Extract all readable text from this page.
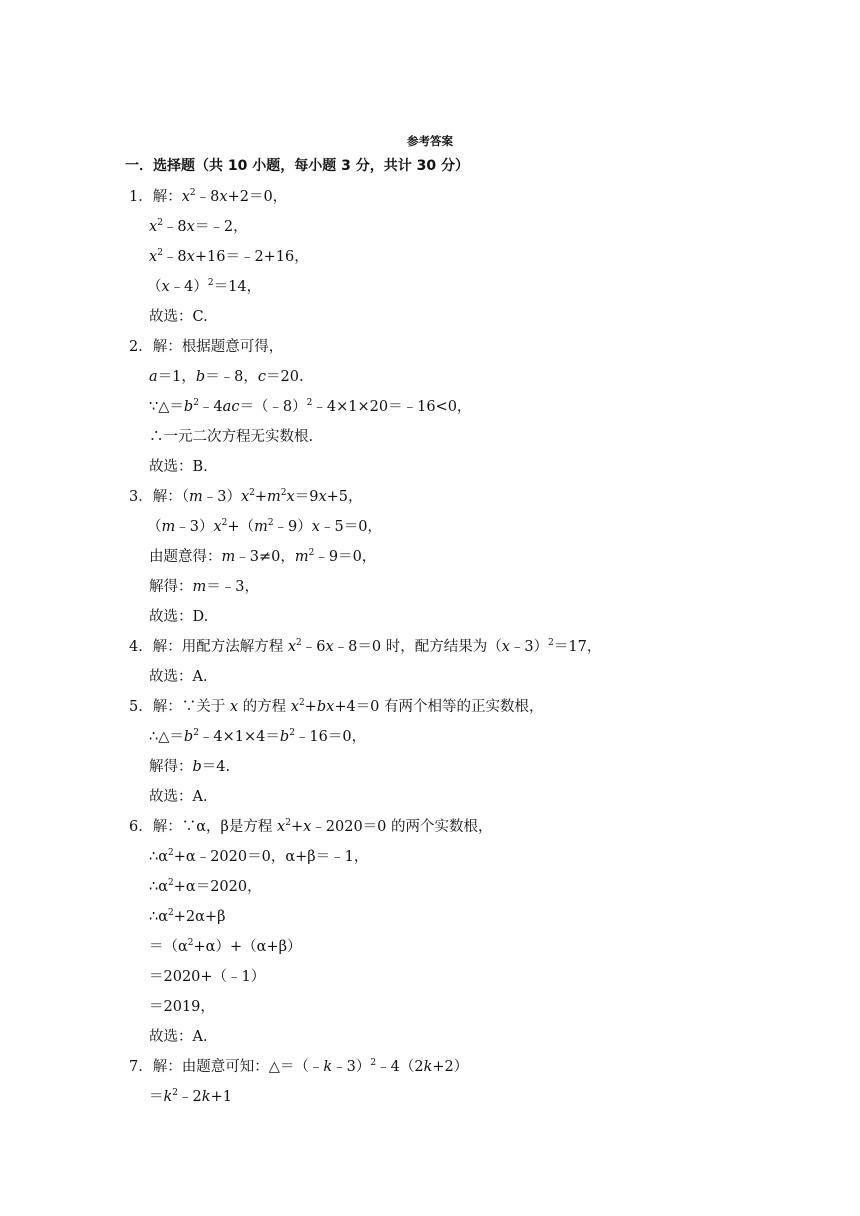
参考答案
一．选择题（共 10 小题，每小题 3 分，共计 30 分）
1．解：$x^2﹣8x+2=0$，
$x^2﹣8x=﹣2$，
$x^2﹣8x+16=﹣2+16$，
（x﹣4）$^2$＝14，
故选：C.
2．解：根据题意可得，
a＝1，b＝﹣8，c＝20.
$\because\triangle=b^2﹣4ac=(﹣8)^2﹣4\times 1\times 20=﹣16<0$，
∴一元二次方程无实数根.
故选：B.
3．解：$(m﹣3)x^2+m^2x=9x+5$，
$(m﹣3)x^2+(m^2﹣9)x﹣5=0$，
由题意得：m﹣3≠0，$m^2﹣9=0$，
解得：m＝﹣3，
故选：D.
4．解：用配方法解方程 $x^2﹣6x﹣8=0$ 时，配方结果为（x﹣3）$^2$＝17，
故选：A.
5．解：∵关于 x 的方程 $x^2+bx+4=0$ 有两个相等的正实数根，
$\therefore\triangle=b^2﹣4\times 1\times 4=b^2﹣16=0$，
解得：b＝4.
故选：A.
6．解：∵α，β是方程 $x^2+x﹣2020=0$ 的两个实数根，
$\therefore\alpha^2+\alpha﹣2020=0$，α+β＝﹣1，
$\therefore\alpha^2+\alpha=2020$，
$\therefore\alpha^2+2\alpha+\beta$
$=(\alpha^2+\alpha)+(\alpha+\beta)$
＝2020+（﹣1）
＝2019，
故选：A.
7．解：由题意可知：△＝（﹣k﹣3）$^2$﹣4（2k+2）
$=k^2﹣2k+1$
